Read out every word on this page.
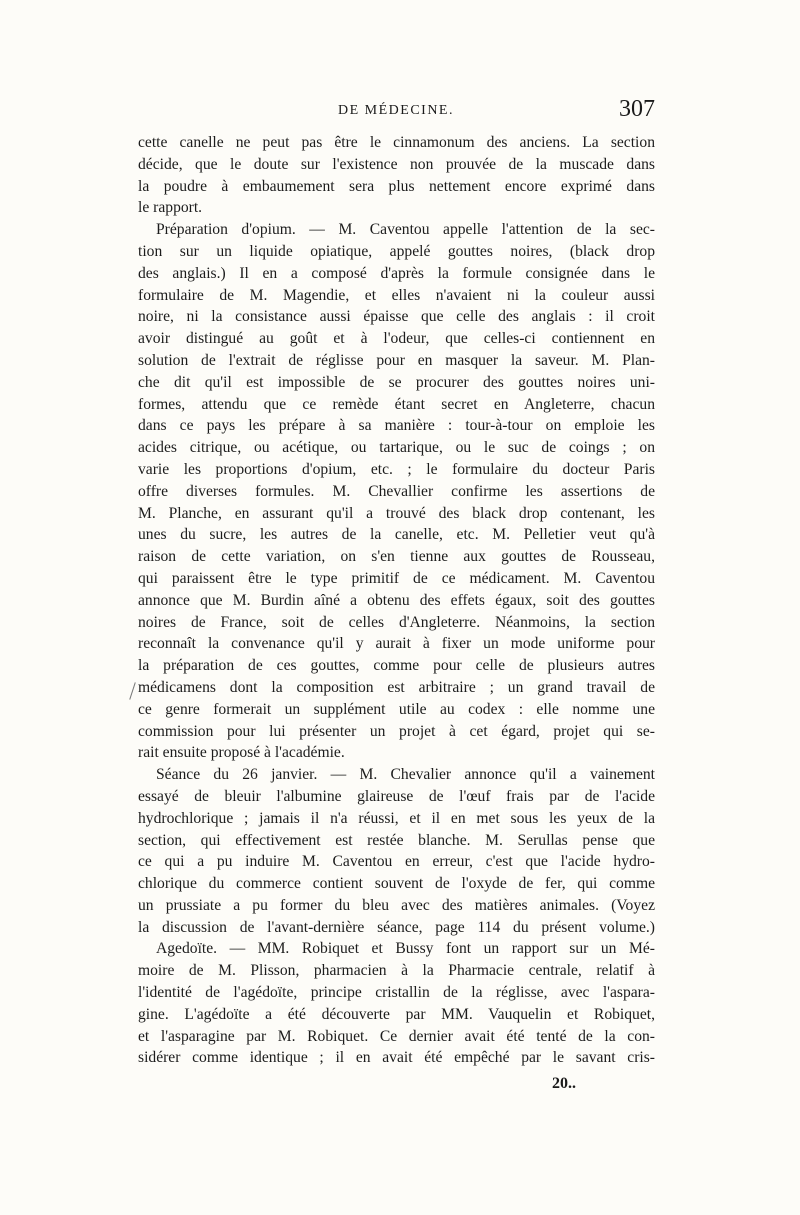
DE MÉDECINE.	307
cette canelle ne peut pas être le cinnamonum des anciens. La section
décide, que le doute sur l'existence non prouvée de la muscade dans
la poudre à embaumement sera plus nettement encore exprimé dans
le rapport.
Préparation d'opium. — M. Caventou appelle l'attention de la sec-
tion sur un liquide opiatique, appelé gouttes noires, (black drop
des anglais.) Il en a composé d'après la formule consignée dans le
formulaire de M. Magendie, et elles n'avaient ni la couleur aussi
noire, ni la consistance aussi épaisse que celle des anglais : il croit
avoir distingué au goût et à l'odeur, que celles-ci contiennent en
solution de l'extrait de réglisse pour en masquer la saveur. M. Plan-
che dit qu'il est impossible de se procurer des gouttes noires uni-
formes, attendu que ce remède étant secret en Angleterre, chacun
dans ce pays les prépare à sa manière : tour-à-tour on emploie les
acides citrique, ou acétique, ou tartarique, ou le suc de coings ; on
varie les proportions d'opium, etc. ; le formulaire du docteur Paris
offre diverses formules. M. Chevallier confirme les assertions de
M. Planche, en assurant qu'il a trouvé des black drop contenant, les
unes du sucre, les autres de la canelle, etc. M. Pelletier veut qu'à
raison de cette variation, on s'en tienne aux gouttes de Rousseau,
qui paraissent être le type primitif de ce médicament. M. Caventou
annonce que M. Burdin aîné a obtenu des effets égaux, soit des gouttes
noires de France, soit de celles d'Angleterre. Néanmoins, la section
reconnaît la convenance qu'il y aurait à fixer un mode uniforme pour
la préparation de ces gouttes, comme pour celle de plusieurs autres
médicamens dont la composition est arbitraire ; un grand travail de
ce genre formerait un supplément utile au codex : elle nomme une
commission pour lui présenter un projet à cet égard, projet qui se-
rait ensuite proposé à l'académie.
Séance du 26 janvier. — M. Chevalier annonce qu'il a vainement
essayé de bleuir l'albumine glaireuse de l'œuf frais par de l'acide
hydrochlorique ; jamais il n'a réussi, et il en met sous les yeux de la
section, qui effectivement est restée blanche. M. Serullas pense que
ce qui a pu induire M. Caventou en erreur, c'est que l'acide hydro-
chlorique du commerce contient souvent de l'oxyde de fer, qui comme
un prussiate a pu former du bleu avec des matières animales. (Voyez
la discussion de l'avant-dernière séance, page 114 du présent volume.)
Agedoïte. — MM. Robiquet et Bussy font un rapport sur un Mé-
moire de M. Plisson, pharmacien à la Pharmacie centrale, relatif à
l'identité de l'agédoïte, principe cristallin de la réglisse, avec l'aspara-
gine. L'agédoïte a été découverte par MM. Vauquelin et Robiquet,
et l'asparagine par M. Robiquet. Ce dernier avait été tenté de la con-
sidérer comme identique ; il en avait été empêché par le savant cris-
20..
